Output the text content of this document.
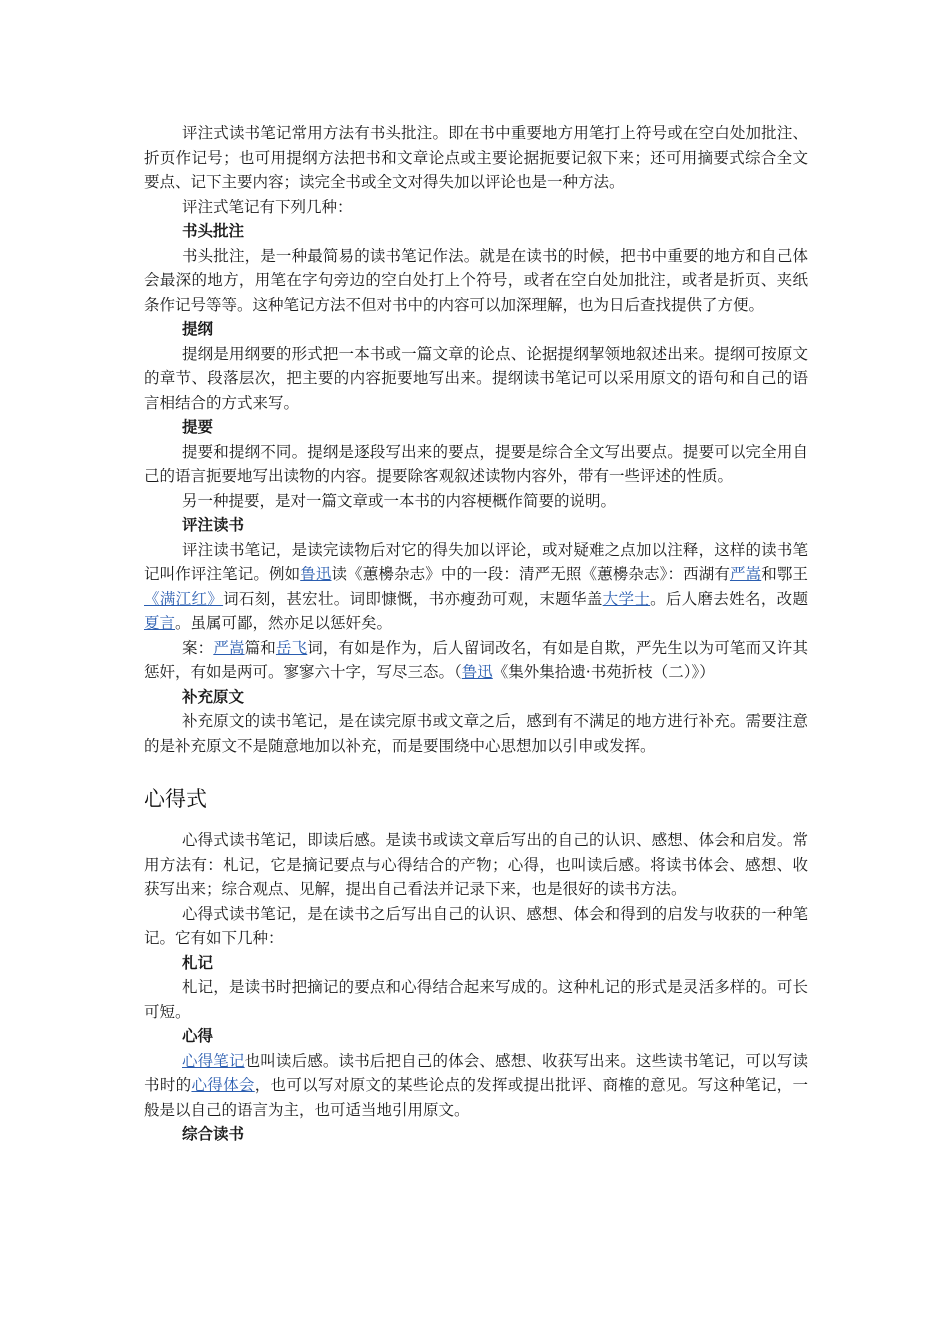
评注式读书笔记常用方法有书头批注。即在书中重要地方用笔打上符号或在空白处加批注、折页作记号；也可用提纲方法把书和文章论点或主要论据扼要记叙下来；还可用摘要式综合全文要点、记下主要内容；读完全书或全文对得失加以评论也是一种方法。

评注式笔记有下列几种：

书头批注

书头批注，是一种最简易的读书笔记作法。就是在读书的时候，把书中重要的地方和自己体会最深的地方，用笔在字句旁边的空白处打上个符号，或者在空白处加批注，或者是折页、夹纸条作记号等等。这种笔记方法不但对书中的内容可以加深理解，也为日后查找提供了方便。

提纲

提纲是用纲要的形式把一本书或一篇文章的论点、论据提纲挈领地叙述出来。提纲可按原文的章节、段落层次，把主要的内容扼要地写出来。提纲读书笔记可以采用原文的语句和自己的语言相结合的方式来写。

提要

提要和提纲不同。提纲是逐段写出来的要点，提要是综合全文写出要点。提要可以完全用自己的语言扼要地写出读物的内容。提要除客观叙述读物内容外，带有一些评述的性质。

另一种提要，是对一篇文章或一本书的内容梗概作简要的说明。

评注读书

评注读书笔记，是读完读物后对它的得失加以评论，或对疑难之点加以注释，这样的读书笔记叫作评注笔记。例如鲁迅读《蕙櫋杂志》中的一段：清严无照《蕙櫋杂志》：西湖有严嵩和鄂王《满江红》词石刻，甚宏壮。词即慷慨，书亦瘦劲可观，末题华盖大学士。后人磨去姓名，改题夏言。虽属可鄙，然亦足以惩奸矣。

案：严嵩篇和岳飞词，有如是作为，后人留词改名，有如是自欺，严先生以为可笔而又许其惩奸，有如是两可。寥寥六十字，写尽三态。（鲁迅《集外集拾遗·书苑折枝（二）》）

补充原文

补充原文的读书笔记，是在读完原书或文章之后，感到有不满足的地方进行补充。需要注意的是补充原文不是随意地加以补充，而是要围绕中心思想加以引申或发挥。

心得式

心得式读书笔记，即读后感。是读书或读文章后写出的自己的认识、感想、体会和启发。常用方法有：札记，它是摘记要点与心得结合的产物；心得，也叫读后感。将读书体会、感想、收获写出来；综合观点、见解，提出自己看法并记录下来，也是很好的读书方法。

心得式读书笔记，是在读书之后写出自己的认识、感想、体会和得到的启发与收获的一种笔记。它有如下几种：

札记

札记，是读书时把摘记的要点和心得结合起来写成的。这种札记的形式是灵活多样的。可长可短。

心得

心得笔记也叫读后感。读书后把自己的体会、感想、收获写出来。这些读书笔记，可以写读书时的心得体会，也可以写对原文的某些论点的发挥或提出批评、商榷的意见。写这种笔记，一般是以自己的语言为主，也可适当地引用原文。

综合读书
